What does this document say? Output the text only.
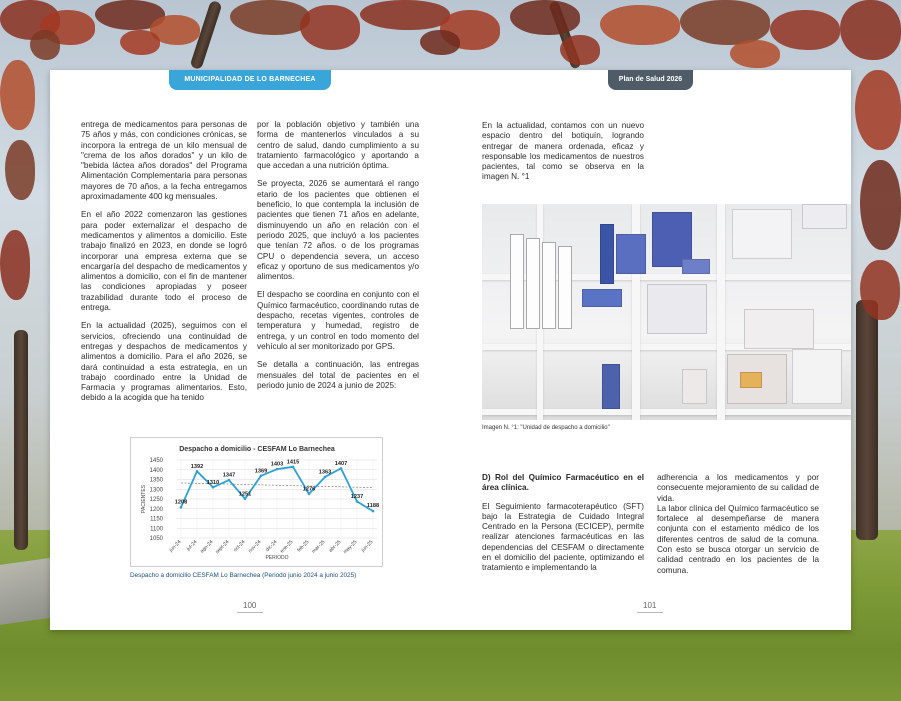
MUNICIPALIDAD DE LO BARNECHEA	Plan de Salud 2026

entrega de medicamentos para personas de 75 años y más, con condiciones crónicas, se incorpora la entrega de un kilo mensual de "crema de los años dorados" y un kilo de "bebida láctea años dorados" del Programa Alimentación Complementaria para personas mayores de 70 años, a la fecha entregamos aproximadamente 400 kg mensuales.

En el año 2022 comenzaron las gestiones para poder externalizar el despacho de medicamentos y alimentos a domicilio. Este trabajo finalizó en 2023, en donde se logró incorporar una empresa externa que se encargaría del despacho de medicamentos y alimentos a domicilio, con el fin de mantener las condiciones apropiadas y poseer trazabilidad durante todo el proceso de entrega.

En la actualidad (2025), seguimos con el servicios, ofreciendo una continuidad de entregas y despachos de medicamentos y alimentos a domicilio. Para el año 2026, se dará continuidad a esta estrategia, en un trabajo coordinado entre la Unidad de Farmacia y programas alimentarios. Esto, debido a la acogida que ha tenido

por la población objetivo y también una forma de mantenerlos vinculados a su centro de salud, dando cumplimiento a su tratamiento farmacológico y aportando a que accedan a una nutrición óptima.

Se proyecta, 2026 se aumentará el rango etario de los pacientes que obtienen el beneficio, lo que contempla la inclusión de pacientes que tienen 71 años en adelante, disminuyendo un año en relación con el periodo 2025, que incluyó a los pacientes que tenían 72 años. o de los programas CPU o dependencia severa, un acceso eficaz y oportuno de sus medicamentos y/o alimentos.

El despacho se coordina en conjunto con el Químico farmacéutico, coordinando rutas de despacho, recetas vigentes, controles de temperatura y humedad, registro de entrega, y un control en todo momento del vehículo al ser monitorizado por GPS.

Se detalla a continuación, las entregas mensuales del total de pacientes en el periodo junio de 2024 a junio de 2025:

Despacho a domicilio - CESFAM Lo Barnechea
1050
1100
1150
1200
1250
1300
1350
1400
1450
PACIENTES
PERIODO
jun-24 jul-24 ago-24 sept-24 oct-24 nov-24 dic-24 ene-25 feb-25 mar-25 abr-25 may-25 jun-25
1208
1392
1310
1347
1251
1369
1403 1415
1276
1363
1407
1237
1188
Despacho a domicilio CESFAM Lo Barnechea (Periodo junio 2024 a junio 2025)
100

En la actualidad, contamos con un nuevo espacio dentro del botiquín, logrando entregar de manera ordenada, eficaz y responsable los medicamentos de nuestros pacientes, tal como se observa en la imagen N. °1

Imagen N. °1: "Unidad de despacho a domicilio"

D) Rol del Químico Farmacéutico en el área clínica.

El Seguimiento farmacoterapéutico (SFT) bajo la Estrategia de Cuidado Integral Centrado en la Persona (ECICEP), permite realizar atenciones farmacéuticas en las dependencias del CESFAM o directamente en el domicilio del paciente, optimizando el tratamiento e implementando la

adherencia a los medicamentos y por consecuente mejoramiento de su calidad de vida.

La labor clínica del Químico farmacéutico se fortalece al desempeñarse de manera conjunta con el estamento médico de los diferentes centros de salud de la comuna. Con esto se busca otorgar un servicio de calidad centrado en los pacientes de la comuna.

101
